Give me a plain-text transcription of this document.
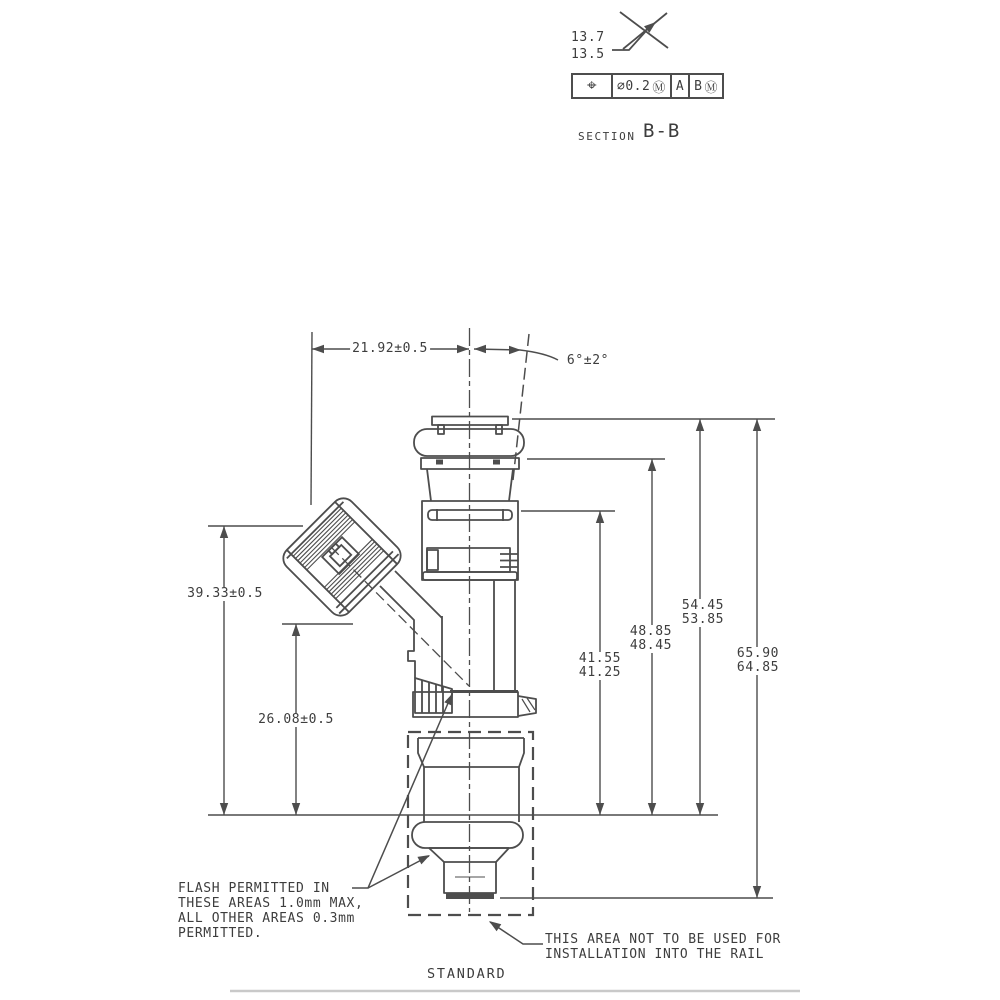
13.7
13.5
⌖ ⌀0.2 Ⓜ A B Ⓜ
SECTION B-B
21.92±0.5
6°±2°
39.33±0.5
26.08±0.5
41.55
41.25
48.85
48.45
54.45
53.85
65.90
64.85
FLASH PERMITTED IN
THESE AREAS 1.0mm MAX,
ALL OTHER AREAS 0.3mm
PERMITTED.	THIS AREA NOT TO BE USED FOR
INSTALLATION INTO THE RAIL
STANDARD
